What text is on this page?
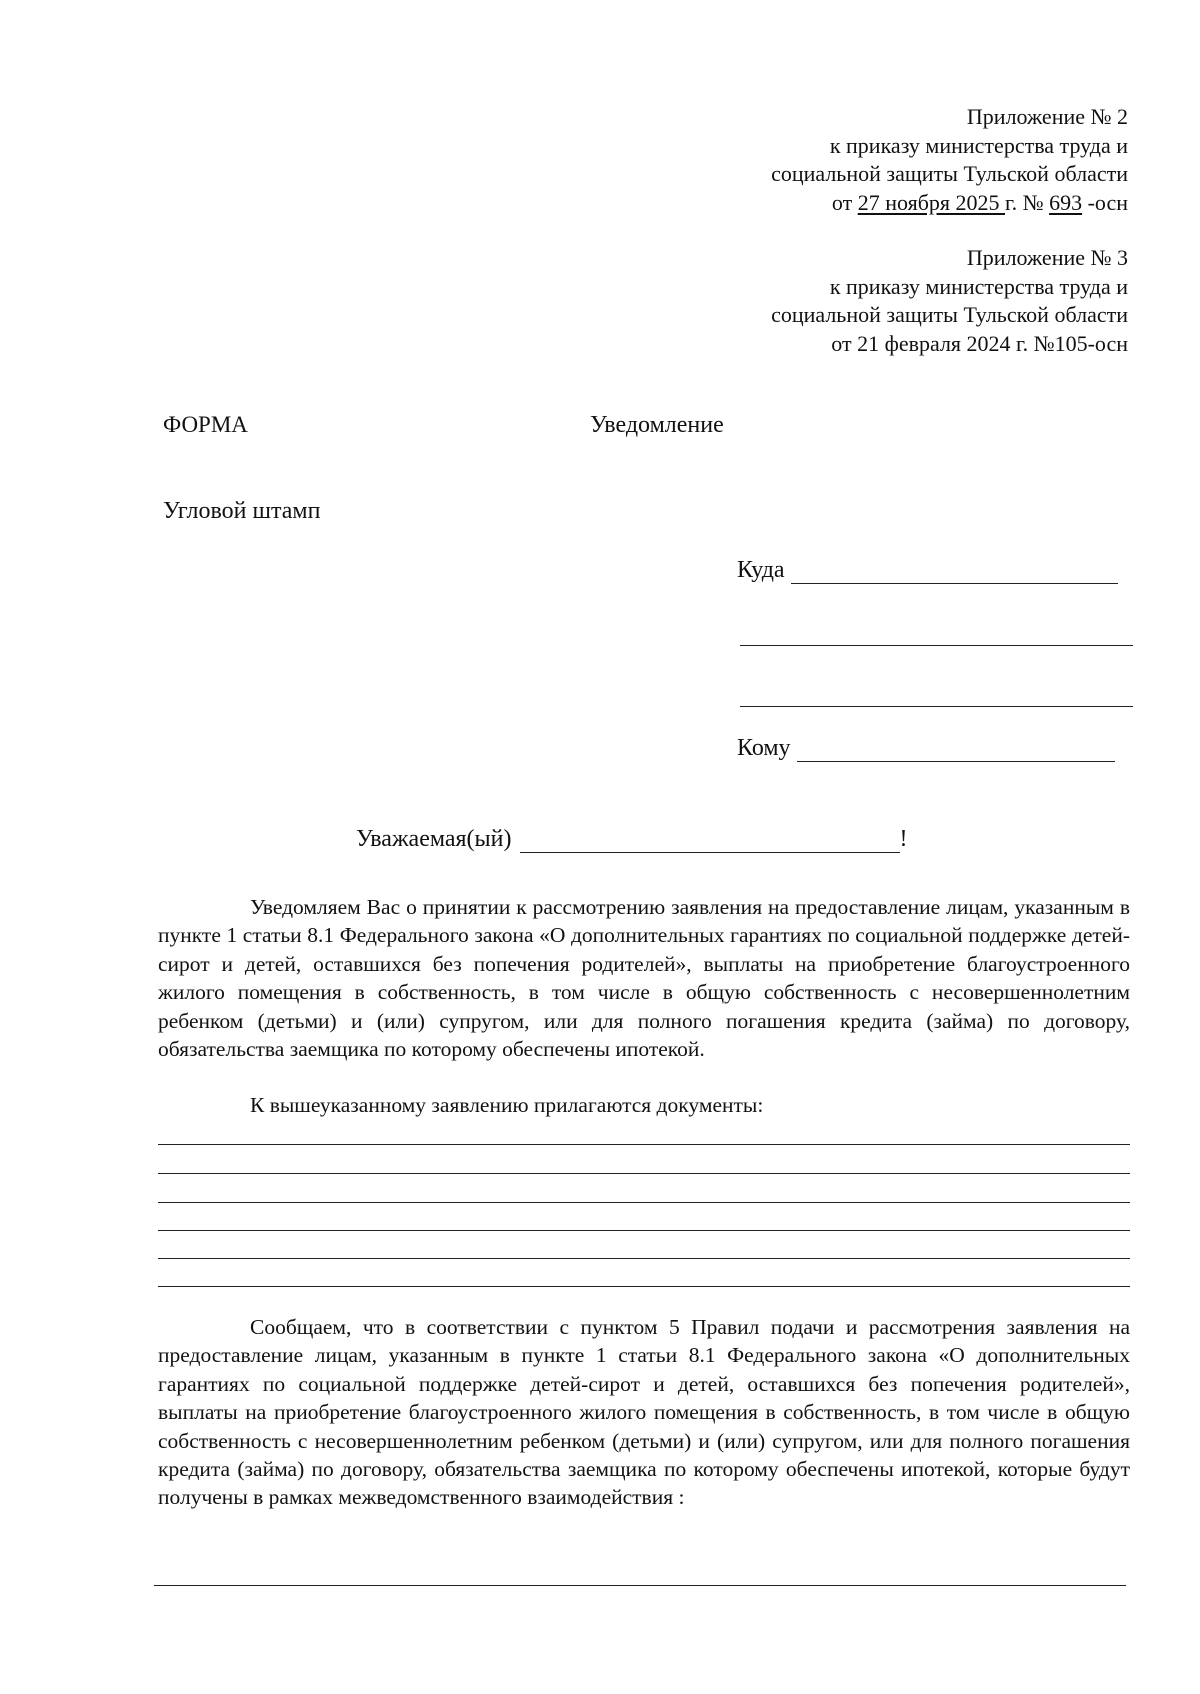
Приложение № 2
к приказу министерства труда и
социальной защиты Тульской области
от 27 ноября 2025 г. № 693 -осн
Приложение № 3
к приказу министерства труда и
социальной защиты Тульской области
от 21 февраля 2024 г. №105-осн
ФОРМА	Уведомление
Угловой штамп
Куда
Кому
Уважаемая(ый)	!
Уведомляем Вас о принятии к рассмотрению заявления на предоставление лицам, указанным в пункте 1 статьи 8.1 Федерального закона «О дополнительных гарантиях по социальной поддержке детей-сирот и детей, оставшихся без попечения родителей», выплаты на приобретение благоустроенного жилого помещения в собственность, в том числе в общую собственность с несовершеннолетним ребенком (детьми) и (или) супругом, или для полного погашения кредита (займа) по договору, обязательства заемщика по которому обеспечены ипотекой.
К вышеуказанному заявлению прилагаются документы:
Сообщаем, что в соответствии с пунктом 5 Правил подачи и рассмотрения заявления на предоставление лицам, указанным в пункте 1 статьи 8.1 Федерального закона «О дополнительных гарантиях по социальной поддержке детей-сирот и детей, оставшихся без попечения родителей», выплаты на приобретение благоустроенного жилого помещения в собственность, в том числе в общую собственность с несовершеннолетним ребенком (детьми) и (или) супругом, или для полного погашения кредита (займа) по договору, обязательства заемщика по которому обеспечены ипотекой, которые будут получены в рамках межведомственного взаимодействия :
